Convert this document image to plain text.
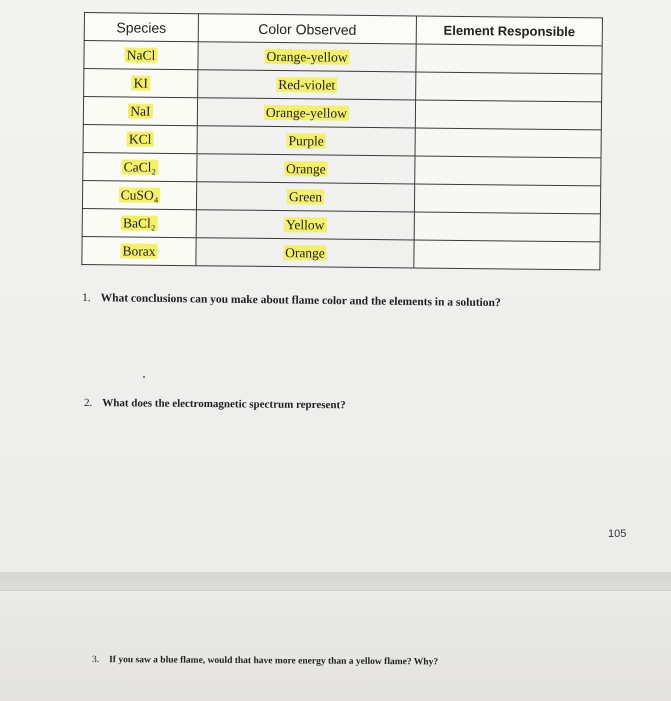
Species	Color Observed	Element Responsible
NaCl	Orange-yellow	
KI	Red-violet	
NaI	Orange-yellow	
KCl	Purple	
CaCl₂	Orange	
CuSO₄	Green	
BaCl₂	Yellow	
Borax	Orange	
1. What conclusions can you make about flame color and the elements in a solution?
2. What does the electromagnetic spectrum represent?
105
3. If you saw a blue flame, would that have more energy than a yellow flame? Why?
